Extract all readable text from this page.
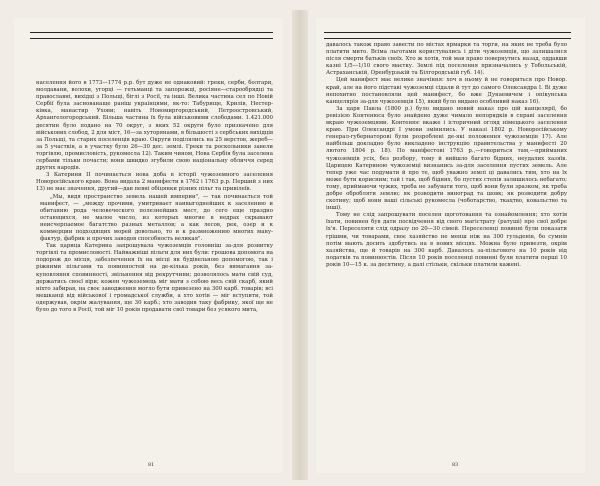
населення його в 1773—1774 р.р. бут дуже не однаковий: греки, серби, болгари, молдавани, волохи, угорці — гетьманці та запорожці, росіяне—старообрядці та православні, вихідці з Польщі, біглі з Росії, та інші. Велика частина сел по Новій Сербії була заснованаще раніш украінцями, як-то: Табурище, Крилів, Нестерківка, манастир Ухови; навіть Новомиргородський, Петроостровський, Архангелогородський. Більша частина їх була військовими слободами. 1.421.000 десятин було подано на 70 округ, з яких 52 округи було призначено для військових слобод, 2 для міст, 16—за хуторянами, в більшості з сербських вихідців за Польщі, та старих поселенців краю. Округи поділялись на 25 верстов, жереб—за 5 участків, а в участку було 26—30 дес. землі. Греки та роскольники завели торгівлю, промисловість, рукомесла 12). Таким чином, Нова Сербія була заселена сербами тільки почасти; вони швидко згубили свою національну обличчя серед других народів.

З Катерини II починається нова доба в історії чужоземного заселення Новоросійського краю. Вона видала 2 манифести в 1762 і 1763 р.р. Перший з них 13) не має значення, другий—дав певні обіцянки різних пільг та привілеїв.

„Мы, видя пространство земель нашей империи", — так починається той манифест, — „между прочими, умитривает наивыгоднейших к заселению и обитанию рода человеческого полезнейших мест, до сего еще праздно остающихся, не малое число, из которых многие в недрах скрывают неисчерпаемое багатство разных металлов; а как лесов, рек, озер и к коммерции подходящих морей довольно, то и к размножению многих мануфактур, фабрик и прочих заводов способность великая".

Так царица Катерина запрошувала чужоземців головніш за-для розвитку торгівлі та промисловості. Найважніші пільги для них були: грошова допомога на подорож до місця, забезпечення їх на місці як будівельною допомогою, так і ріжними пільгами та повинностей на де-кілька років, без вимагання закуповляння сповинності, звільнення від рекрутчини; дозволялось мати свій суд, держатись своєї віри; кожен чужоземець міг мати з собою весь свій скарб, який ніхто забирав, на своє заводження могло бути привезено на 300 карб. товарів; всі мешканці від військової і громадської служби, а хто хотів — міг вступити, той одержував, окрім жалування, ще 30 карб.; хто заводив таку фабрику, якої ще не було до того в Росії, той міг 10 років продавати свої товари без усякого мита,

81

давалось також право завести по містах ярмарки та торги, на яких не треба було платити мито. Всіма льготами користувались і діти чужоземців, що залишалися після смерти батьків своїх. Хто ж хотів, той мав право повернутись назад, оддавши казні 1/5—1/10 свого маєтку. Землі під поселення призначались у Тобольській, Астраханській, Оренбурзькій та Білгородській губ. 14).

Цей манифест має велике значіння: хоч в ньому й не говориться про Новор. край, але на його підставі чужоземці сідали й тут до самого Олександра I. Ві дуже непохитно постановляли цей манифест, бо вже Дунаевичем і опікунська канцелярія за-для чужоземців 15), який було видано особливий наказ 16).

За царя Павла (1800 р.) було видано новий наказ про цій канцелярії, бо ревізією Контенюса було знайдено дуже чимало непорядків в справі заселення вкраю чужоземцями. Контенюс вкаже і історичний огляд німецького заселення краю. При Олександрі I умови змінились. У наказі 1802 р. Новоросійському генерал-губернаторові були розроблені де-які положення чужоземців 17). Але найбільш докладно було викладено інструкцію правительства у манифесті 20 лютого 1804 р. 18). По маніфестові 1763 р.,—говориться там,—прийманих чужоземців усіх, без розбору, тому й вийшло багато бідних, неудалих хазяїв. Царицею Катериною чужоземці визнанись за-для заселення пустих земель. Але тепер уже час подумати й про те, щоб уважно землі ці давались тим, хто на їх може бути корисним; тай і так, щоб бідних, бо пустих степів залишилось небагато; тому, приймаючи чужих, треба не забувати того, щоб вони були зразком, як треба добре обробляти землю; як розводити виноград та шовк; як розводити добру скотину; щоб вони ваші сільські рукомесла (чоботарство, ткацтво, ковальство та інші).

Тому не слід запрошувати поселен щоготовання та ознайомлення; хто хотів їхати, повинен був дати посвідчення від свого магістрату (ратуші) про свої добре їх'я. Переселяти слід одразу по 20—30 сімей. Переселенці повинні були показати грішми, чи товарами, своє хазяйство не менш ніж на 300 гульденів, бо сумнів потім мають досить здобутись на в нових місцях. Можна було привезти, окрім хазяйства, ще й товарів на 300 карб. Давалось за-пільгового на 10 років від податків та повинностів. Після 10 років поселенці повинні були платити перші 10 років 10—15 к. за десятину, а далі стільки, скільки платили кажені.

83
